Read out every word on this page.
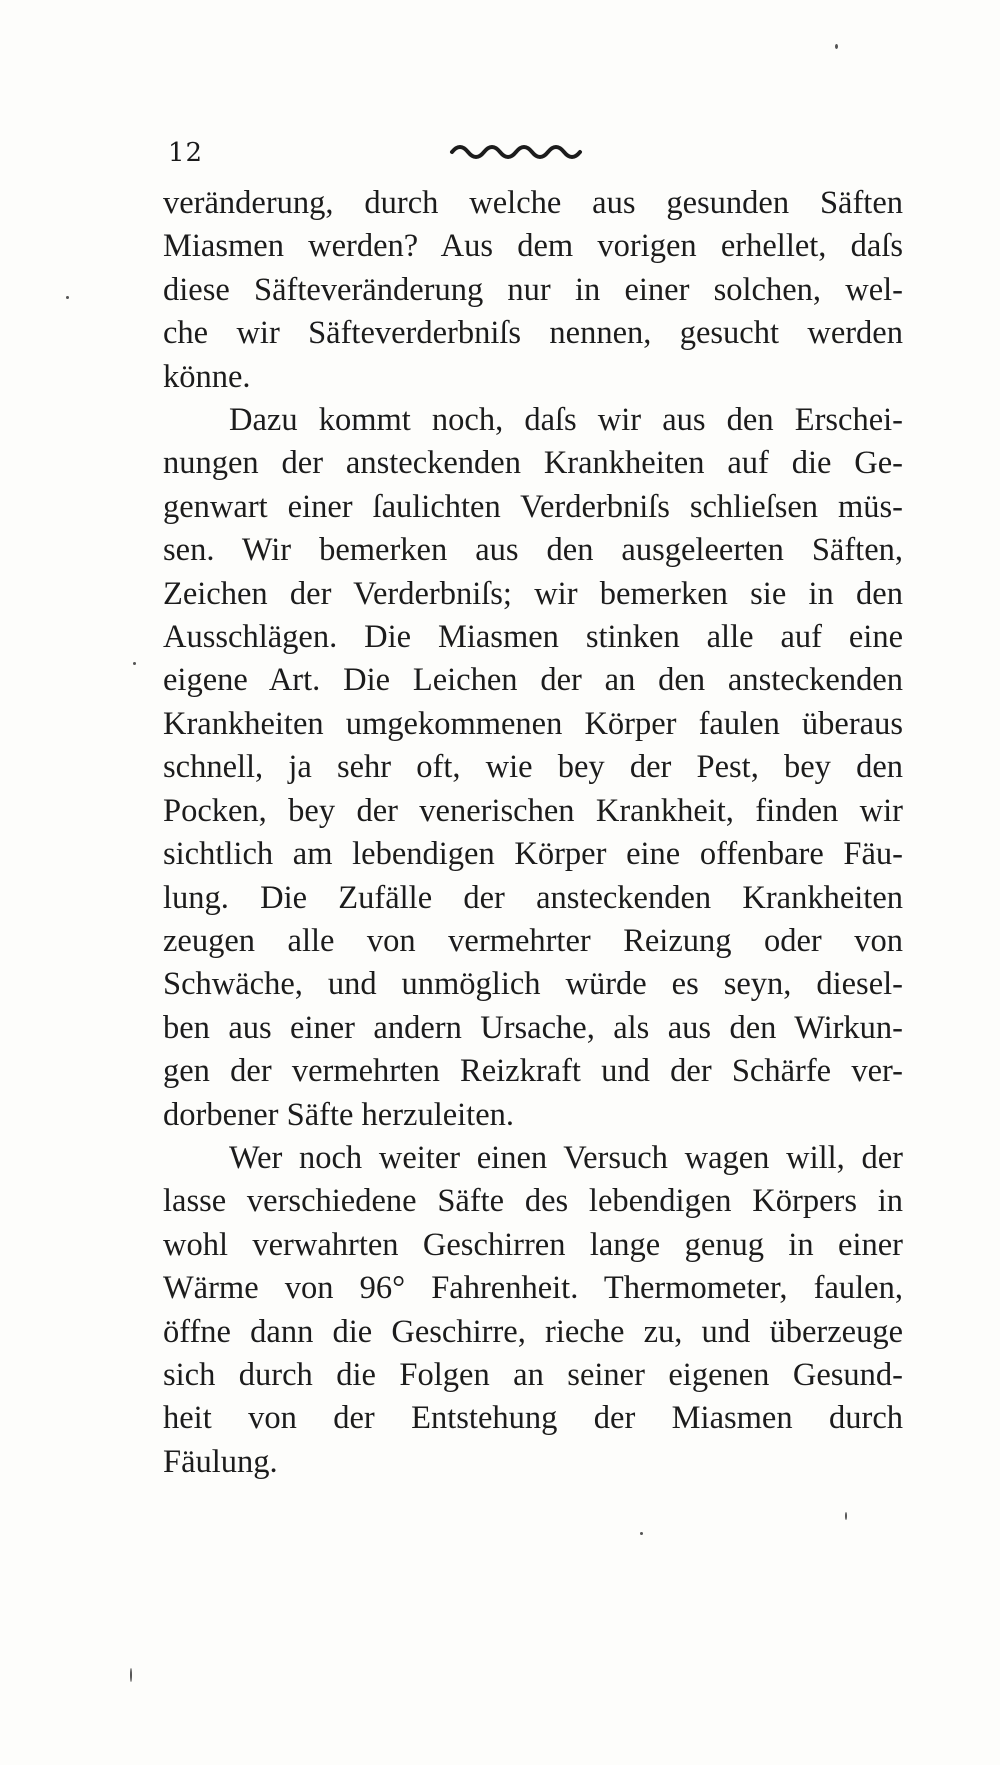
12
veränderung, durch welche aus gesunden Säften
Miasmen werden? Aus dem vorigen erhellet, daſs
diese Säfteveränderung nur in einer solchen, wel-
che wir Säfteverderbniſs nennen, gesucht werden
könne.
Dazu kommt noch, daſs wir aus den Erschei-
nungen der ansteckenden Krankheiten auf die Ge-
genwart einer ſaulichten Verderbniſs schlieſsen müs-
sen. Wir bemerken aus den ausgeleerten Säften,
Zeichen der Verderbniſs; wir bemerken sie in den
Ausschlägen. Die Miasmen stinken alle auf eine
eigene Art. Die Leichen der an den ansteckenden
Krankheiten umgekommenen Körper faulen überaus
schnell, ja sehr oft, wie bey der Pest, bey den
Pocken, bey der venerischen Krankheit, finden wir
sichtlich am lebendigen Körper eine offenbare Fäu-
lung. Die Zufälle der ansteckenden Krankheiten
zeugen alle von vermehrter Reizung oder von
Schwäche, und unmöglich würde es seyn, diesel-
ben aus einer andern Ursache, als aus den Wirkun-
gen der vermehrten Reizkraft und der Schärfe ver-
dorbener Säfte herzuleiten.
Wer noch weiter einen Versuch wagen will, der
lasse verschiedene Säfte des lebendigen Körpers in
wohl verwahrten Geschirren lange genug in einer
Wärme von 96° Fahrenheit. Thermometer, faulen,
öffne dann die Geschirre, rieche zu, und überzeuge
sich durch die Folgen an seiner eigenen Gesund-
heit von der Entstehung der Miasmen durch
Fäulung.
